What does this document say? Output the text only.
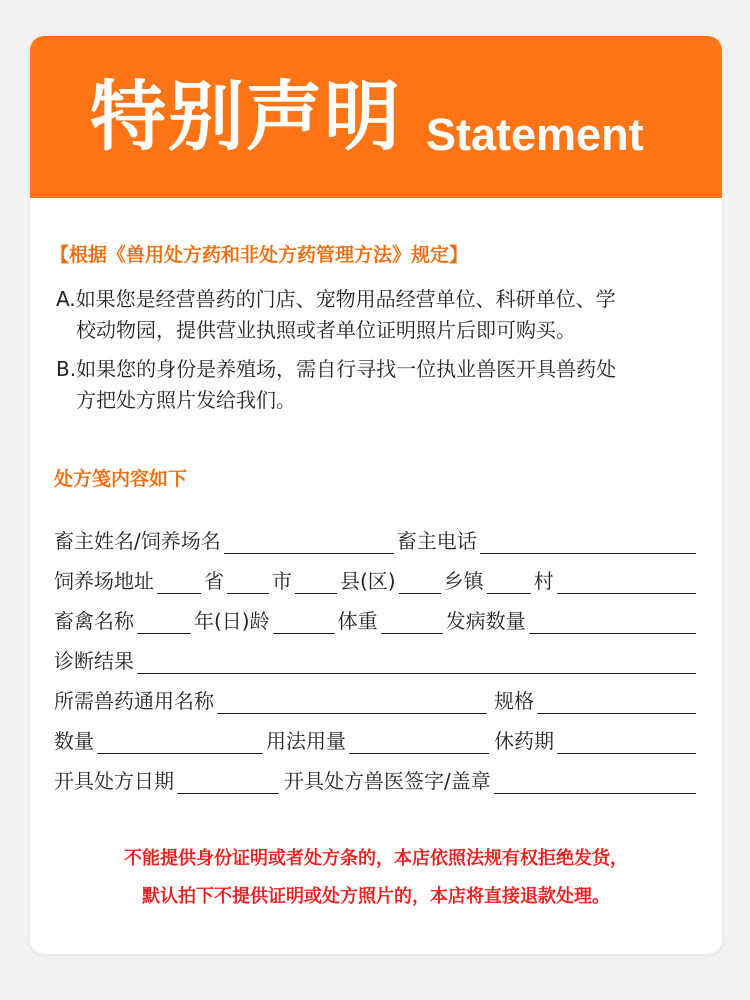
特别声明 Statement
【根据《兽用处方药和非处方药管理方法》规定】
A.如果您是经营兽药的门店、宠物用品经营单位、科研单位、学
校动物园，提供营业执照或者单位证明照片后即可购买。
B.如果您的身份是养殖场，需自行寻找一位执业兽医开具兽药处
方把处方照片发给我们。
处方笺内容如下
畜主姓名/饲养场名	畜主电话
饲养场地址	省 市 县(区) 乡镇	村
畜禽名称	年(日)龄	体重	发病数量
诊断结果
所需兽药通用名称	规格
数量	用法用量	休药期
开具处方日期	开具处方兽医签字/盖章
不能提供身份证明或者处方条的，本店依照法规有权拒绝发货，
默认拍下不提供证明或处方照片的，本店将直接退款处理。
